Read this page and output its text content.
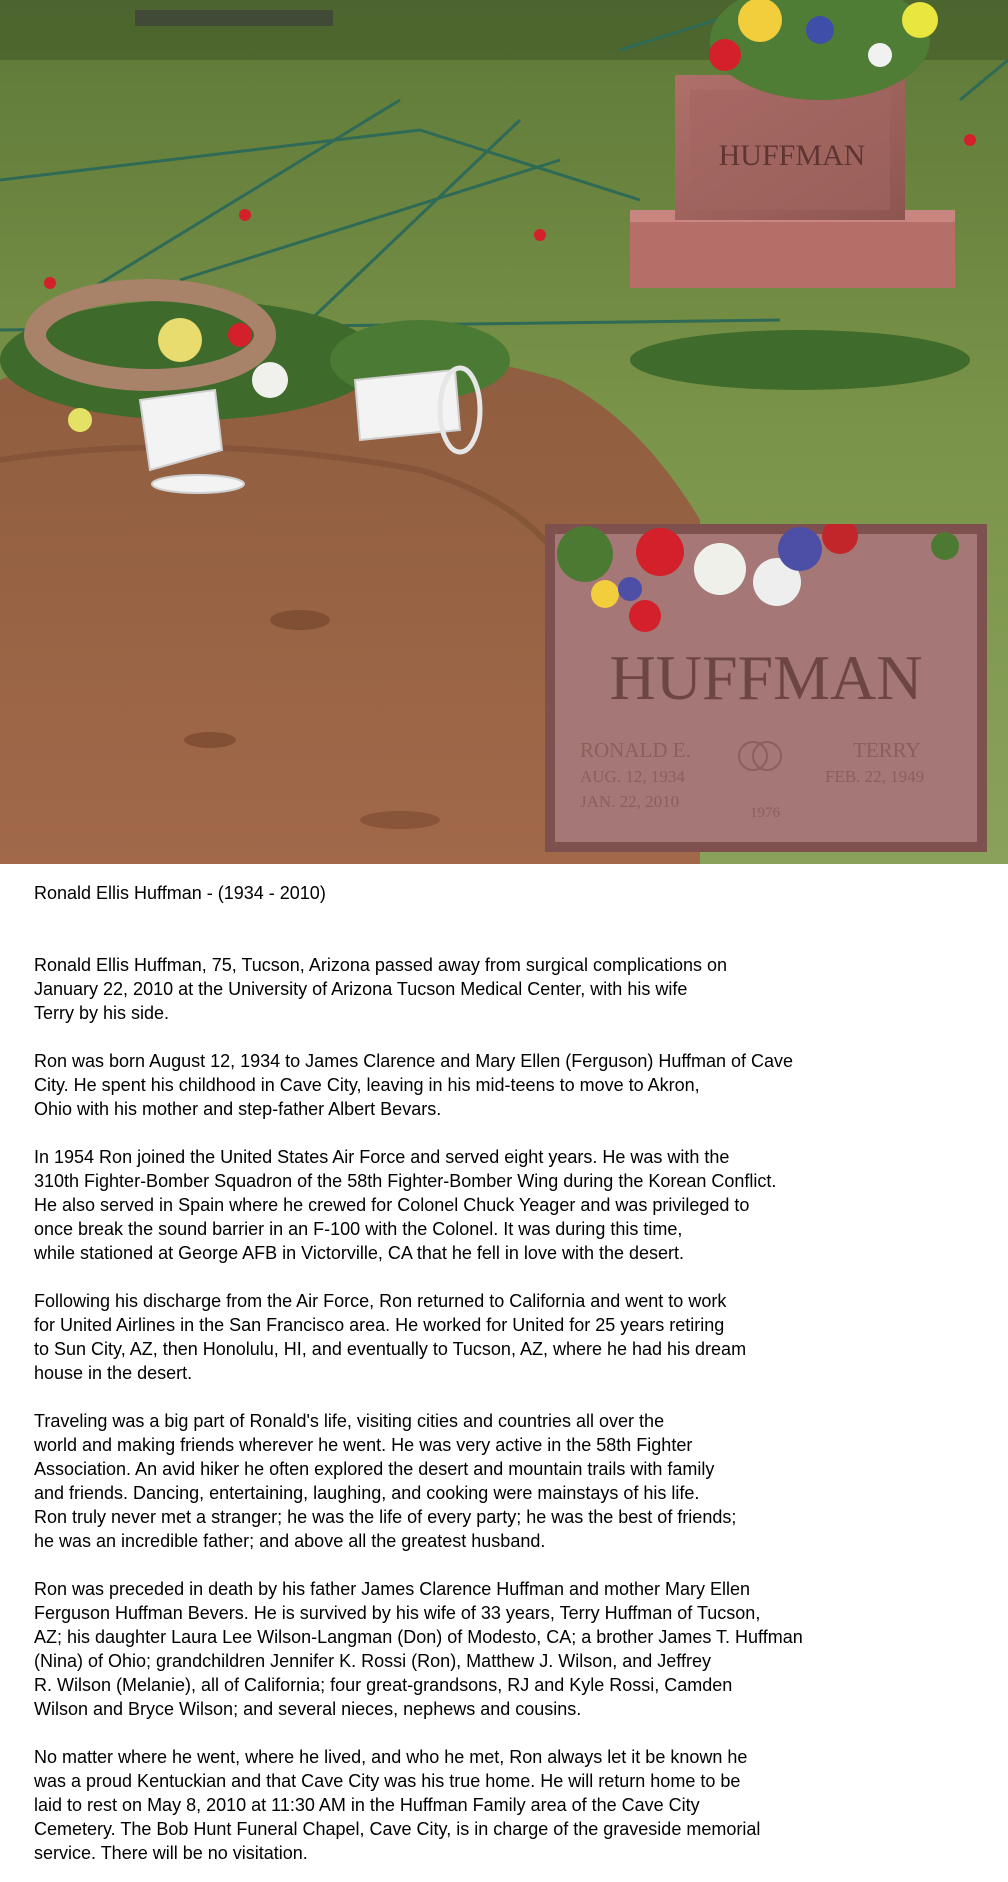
HUFFMAN
HUFFMAN
RONALD E.
AUG. 12, 1934
JAN. 22, 2010
TERRY
FEB. 22, 1949
1976
Ronald Ellis Huffman - (1934 - 2010)
Ronald Ellis Huffman, 75, Tucson, Arizona passed away from surgical complications on
January 22, 2010 at the University of Arizona Tucson Medical Center, with his wife
Terry by his side.
Ron was born August 12, 1934 to James Clarence and Mary Ellen (Ferguson) Huffman of Cave
City. He spent his childhood in Cave City, leaving in his mid-teens to move to Akron,
Ohio with his mother and step-father Albert Bevars.
In 1954 Ron joined the United States Air Force and served eight years. He was with the
310th Fighter-Bomber Squadron of the 58th Fighter-Bomber Wing during the Korean Conflict.
He also served in Spain where he crewed for Colonel Chuck Yeager and was privileged to
once break the sound barrier in an F-100 with the Colonel. It was during this time,
while stationed at George AFB in Victorville, CA that he fell in love with the desert.
Following his discharge from the Air Force, Ron returned to California and went to work
for United Airlines in the San Francisco area. He worked for United for 25 years retiring
to Sun City, AZ, then Honolulu, HI, and eventually to Tucson, AZ, where he had his dream
house in the desert.
Traveling was a big part of Ronald's life, visiting cities and countries all over the
world and making friends wherever he went. He was very active in the 58th Fighter
Association. An avid hiker he often explored the desert and mountain trails with family
and friends. Dancing, entertaining, laughing, and cooking were mainstays of his life.
Ron truly never met a stranger; he was the life of every party; he was the best of friends;
he was an incredible father; and above all the greatest husband.
Ron was preceded in death by his father James Clarence Huffman and mother Mary Ellen
Ferguson Huffman Bevers. He is survived by his wife of 33 years, Terry Huffman of Tucson,
AZ; his daughter Laura Lee Wilson-Langman (Don) of Modesto, CA; a brother James T. Huffman
(Nina) of Ohio; grandchildren Jennifer K. Rossi (Ron), Matthew J. Wilson, and Jeffrey
R. Wilson (Melanie), all of California; four great-grandsons, RJ and Kyle Rossi, Camden
Wilson and Bryce Wilson; and several nieces, nephews and cousins.
No matter where he went, where he lived, and who he met, Ron always let it be known he
was a proud Kentuckian and that Cave City was his true home. He will return home to be
laid to rest on May 8, 2010 at 11:30 AM in the Huffman Family area of the Cave City
Cemetery. The Bob Hunt Funeral Chapel, Cave City, is in charge of the graveside memorial
service. There will be no visitation.
